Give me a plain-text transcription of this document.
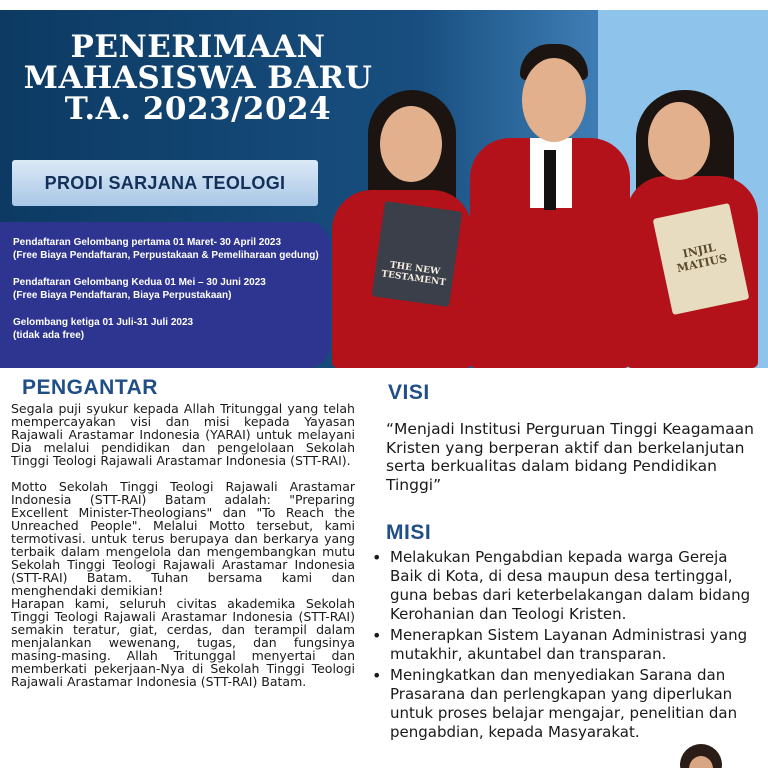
PENERIMAAN
MAHASISWA BARU
T.A. 2023/2024
PRODI SARJANA TEOLOGI
Pendaftaran Gelombang pertama 01 Maret- 30 April 2023
(Free Biaya Pendaftaran, Perpustakaan & Pemeliharaan gedung)
Pendaftaran Gelombang Kedua 01 Mei – 30 Juni 2023
(Free Biaya Pendaftaran, Biaya Perpustakaan)
Gelombang ketiga 01 Juli-31 Juli 2023
(tidak ada free)
THE NEW TESTAMENT
INJIL MATIUS
PENGANTAR

Segala puji syukur kepada Allah Tritunggal yang telah mempercayakan visi dan misi kepada Yayasan Rajawali Arastamar Indonesia (YARAI) untuk melayani Dia melalui pendidikan dan pengelolaan Sekolah Tinggi Teologi Rajawali Arastamar Indonesia (STT-RAI).

Motto Sekolah Tinggi Teologi Rajawali Arastamar Indonesia (STT-RAI) Batam adalah: "Preparing Excellent Minister-Theologians" dan "To Reach the Unreached People". Melalui Motto tersebut, kami termotivasi. untuk terus berupaya dan berkarya yang terbaik dalam mengelola dan mengembangkan mutu Sekolah Tinggi Teologi Rajawali Arastamar Indonesia (STT-RAI) Batam. Tuhan bersama kami dan menghendaki demikian!

Harapan kami, seluruh civitas akademika Sekolah Tinggi Teologi Rajawali Arastamar Indonesia (STT-RAI) semakin teratur, giat, cerdas, dan terampil dalam menjalankan wewenang, tugas, dan fungsinya masing-masing. Allah Tritunggal menyertai dan memberkati pekerjaan-Nya di Sekolah Tinggi Teologi Rajawali Arastamar Indonesia (STT-RAI) Batam.

VISI
“Menjadi Institusi Perguruan Tinggi Keagamaan Kristen yang berperan aktif dan berkelanjutan serta berkualitas dalam bidang Pendidikan Tinggi”
MISI
• Melakukan Pengabdian kepada warga Gereja Baik di Kota, di desa maupun desa tertinggal, guna bebas dari keterbelakangan dalam bidang Kerohanian dan Teologi Kristen.
• Menerapkan Sistem Layanan Administrasi yang mutakhir, akuntabel dan transparan.
• Meningkatkan dan menyediakan Sarana dan Prasarana dan perlengkapan yang diperlukan untuk proses belajar mengajar, penelitian dan pengabdian, kepada Masyarakat.
